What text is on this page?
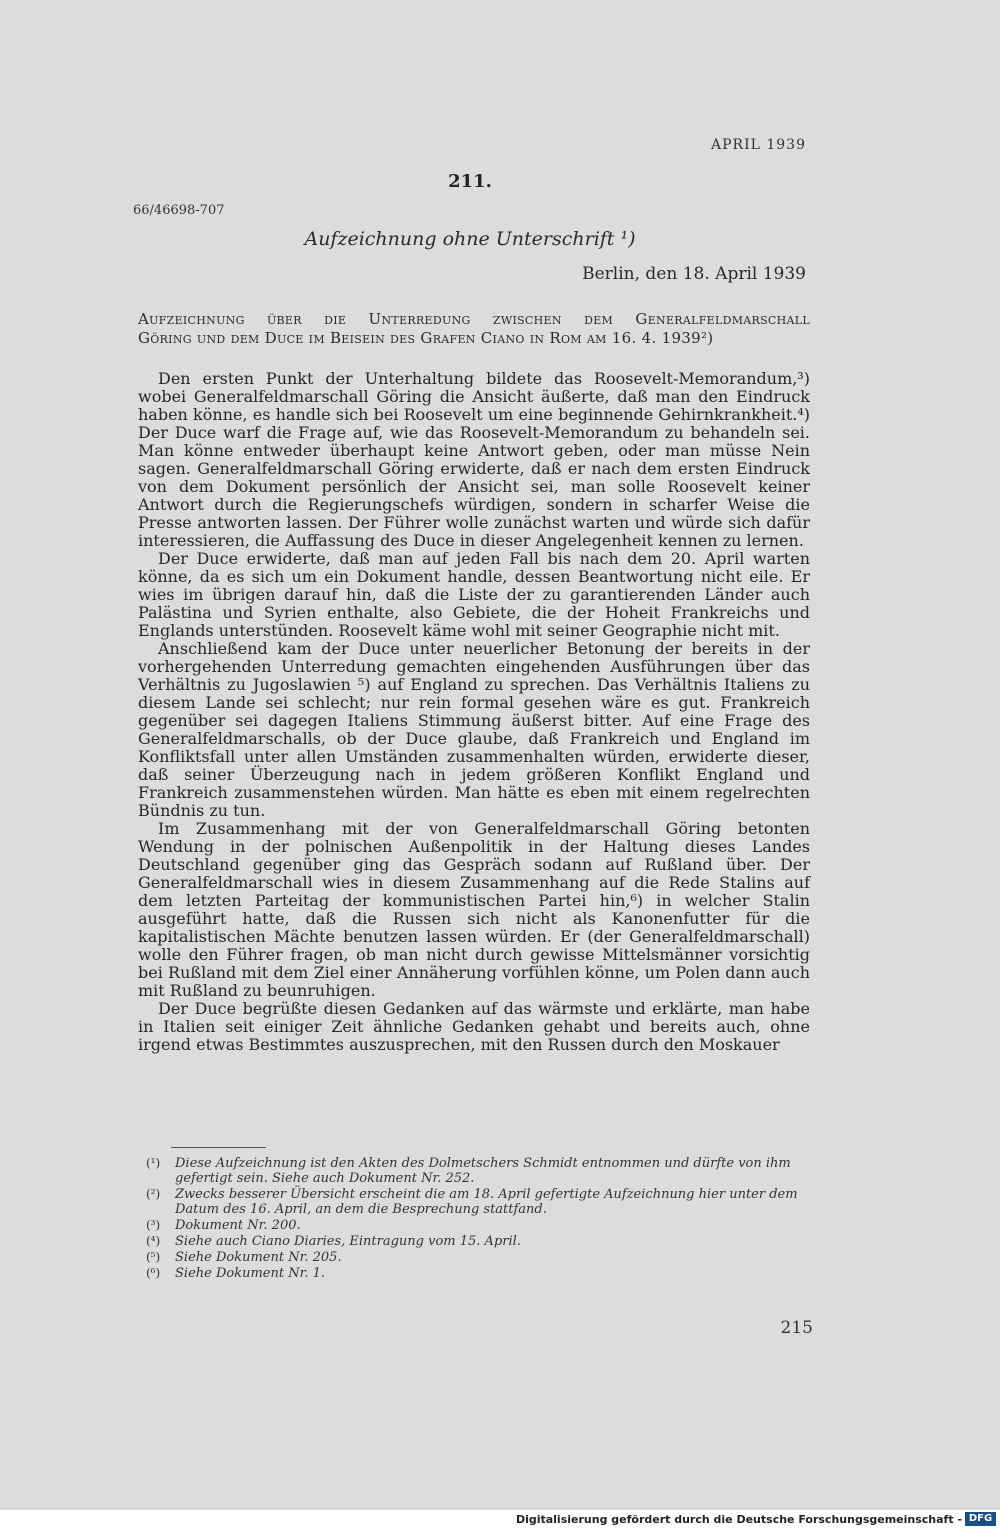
APRIL 1939
211.
66/46698-707
Aufzeichnung ohne Unterschrift ¹)
Berlin, den 18. April 1939
Aufzeichnung über die Unterredung zwischen dem Generalfeldmarschall
Göring und dem Duce im Beisein des Grafen Ciano in Rom am 16. 4. 1939²)

Den ersten Punkt der Unterhaltung bildete das Roosevelt-Memorandum,³) wobei Generalfeldmarschall Göring die Ansicht äußerte, daß man den Eindruck haben könne, es handle sich bei Roosevelt um eine beginnende Gehirnkrankheit.⁴) Der Duce warf die Frage auf, wie das Roosevelt-Memorandum zu behandeln sei. Man könne entweder überhaupt keine Antwort geben, oder man müsse Nein sagen. Generalfeldmarschall Göring erwiderte, daß er nach dem ersten Eindruck von dem Dokument persönlich der Ansicht sei, man solle Roosevelt keiner Antwort durch die Regierungschefs würdigen, sondern in scharfer Weise die Presse antworten lassen. Der Führer wolle zunächst warten und würde sich dafür interessieren, die Auffassung des Duce in dieser Angelegenheit kennen zu lernen.

Der Duce erwiderte, daß man auf jeden Fall bis nach dem 20. April warten könne, da es sich um ein Dokument handle, dessen Beantwortung nicht eile. Er wies im übrigen darauf hin, daß die Liste der zu garantierenden Länder auch Palästina und Syrien enthalte, also Gebiete, die der Hoheit Frankreichs und Englands unterstünden. Roosevelt käme wohl mit seiner Geographie nicht mit.

Anschließend kam der Duce unter neuerlicher Betonung der bereits in der vorhergehenden Unterredung gemachten eingehenden Ausführungen über das Verhältnis zu Jugoslawien ⁵) auf England zu sprechen. Das Verhältnis Italiens zu diesem Lande sei schlecht; nur rein formal gesehen wäre es gut. Frankreich gegenüber sei dagegen Italiens Stimmung äußerst bitter. Auf eine Frage des Generalfeldmarschalls, ob der Duce glaube, daß Frankreich und England im Konfliktsfall unter allen Umständen zusammenhalten würden, erwiderte dieser, daß seiner Überzeugung nach in jedem größeren Konflikt England und Frankreich zusammenstehen würden. Man hätte es eben mit einem regelrechten Bündnis zu tun.

Im Zusammenhang mit der von Generalfeldmarschall Göring betonten Wendung in der polnischen Außenpolitik in der Haltung dieses Landes Deutschland gegenüber ging das Gespräch sodann auf Rußland über. Der Generalfeldmarschall wies in diesem Zusammenhang auf die Rede Stalins auf dem letzten Parteitag der kommunistischen Partei hin,⁶) in welcher Stalin ausgeführt hatte, daß die Russen sich nicht als Kanonenfutter für die kapitalistischen Mächte benutzen lassen würden. Er (der Generalfeldmarschall) wolle den Führer fragen, ob man nicht durch gewisse Mittelsmänner vorsichtig bei Rußland mit dem Ziel einer Annäherung vorfühlen könne, um Polen dann auch mit Rußland zu beunruhigen.

Der Duce begrüßte diesen Gedanken auf das wärmste und erklärte, man habe in Italien seit einiger Zeit ähnliche Gedanken gehabt und bereits auch, ohne irgend etwas Bestimmtes auszusprechen, mit den Russen durch den Moskauer

(¹)	Diese Aufzeichnung ist den Akten des Dolmetschers Schmidt entnommen und dürfte von ihm gefertigt sein. Siehe auch Dokument Nr. 252.
(²)	Zwecks besserer Übersicht erscheint die am 18. April gefertigte Aufzeichnung hier unter dem Datum des 16. April, an dem die Besprechung stattfand.
(³)	Dokument Nr. 200.
(⁴)	Siehe auch Ciano Diaries, Eintragung vom 15. April.
(⁵)	Siehe Dokument Nr. 205.
(⁶)	Siehe Dokument Nr. 1.
215
Digitalisierung gefördert durch die Deutsche Forschungsgemeinschaft - DFG
